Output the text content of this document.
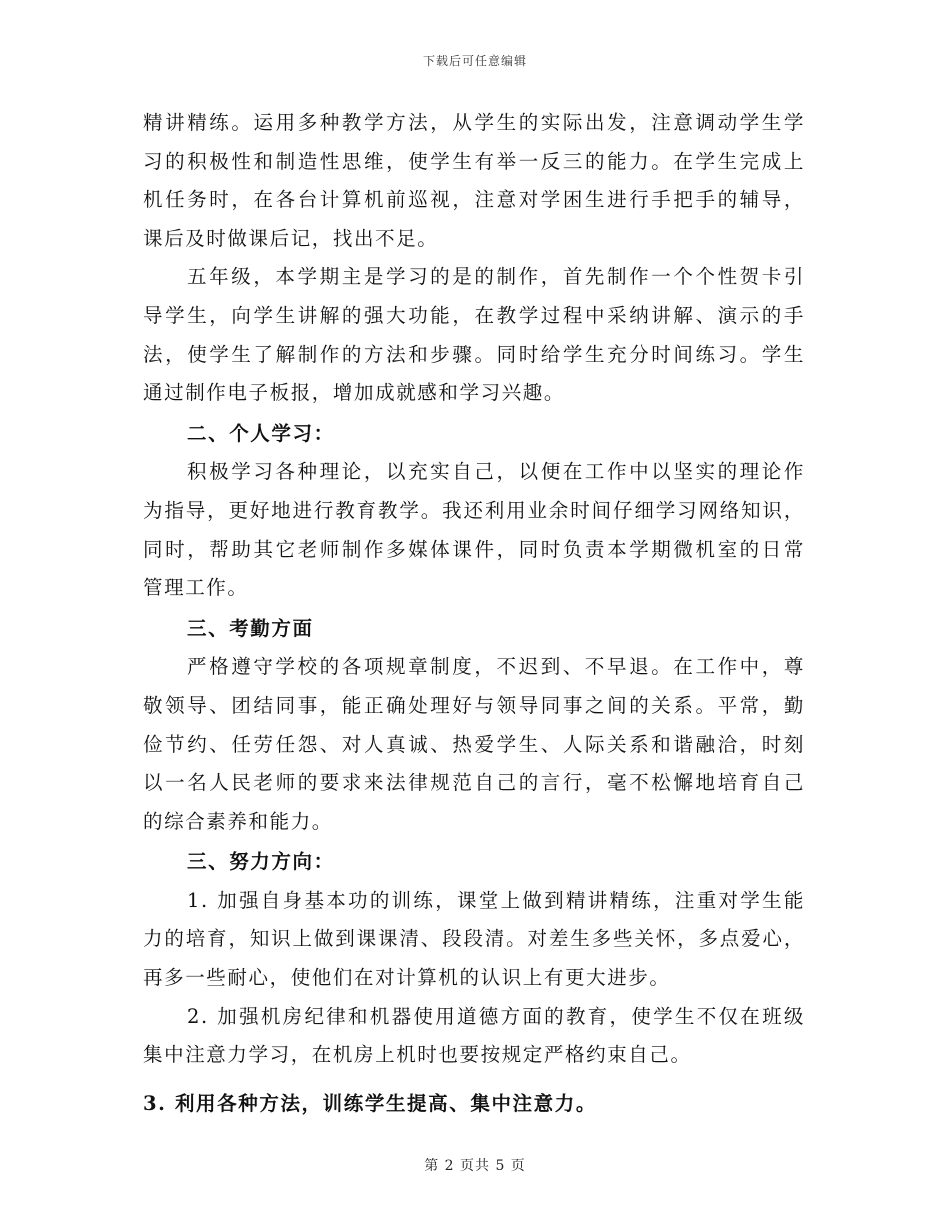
下载后可任意编辑
精讲精练。运用多种教学方法，从学生的实际出发，注意调动学生学
习的积极性和制造性思维，使学生有举一反三的能力。在学生完成上
机任务时，在各台计算机前巡视，注意对学困生进行手把手的辅导，
课后及时做课后记，找出不足。
五年级，本学期主是学习的是的制作，首先制作一个个性贺卡引
导学生，向学生讲解的强大功能，在教学过程中采纳讲解、演示的手
法，使学生了解制作的方法和步骤。同时给学生充分时间练习。学生
通过制作电子板报，增加成就感和学习兴趣。
二、个人学习：
积极学习各种理论，以充实自己，以便在工作中以坚实的理论作
为指导，更好地进行教育教学。我还利用业余时间仔细学习网络知识，
同时，帮助其它老师制作多媒体课件，同时负责本学期微机室的日常
管理工作。
三、考勤方面
严格遵守学校的各项规章制度，不迟到、不早退。在工作中，尊
敬领导、团结同事，能正确处理好与领导同事之间的关系。平常，勤
俭节约、任劳任怨、对人真诚、热爱学生、人际关系和谐融洽，时刻
以一名人民老师的要求来法律规范自己的言行，毫不松懈地培育自己
的综合素养和能力。
三、努力方向：
1. 加强自身基本功的训练，课堂上做到精讲精练，注重对学生能
力的培育，知识上做到课课清、段段清。对差生多些关怀，多点爱心，
再多一些耐心，使他们在对计算机的认识上有更大进步。
2. 加强机房纪律和机器使用道德方面的教育，使学生不仅在班级
集中注意力学习，在机房上机时也要按规定严格约束自己。
3. 利用各种方法，训练学生提高、集中注意力。
第 2 页共 5 页
